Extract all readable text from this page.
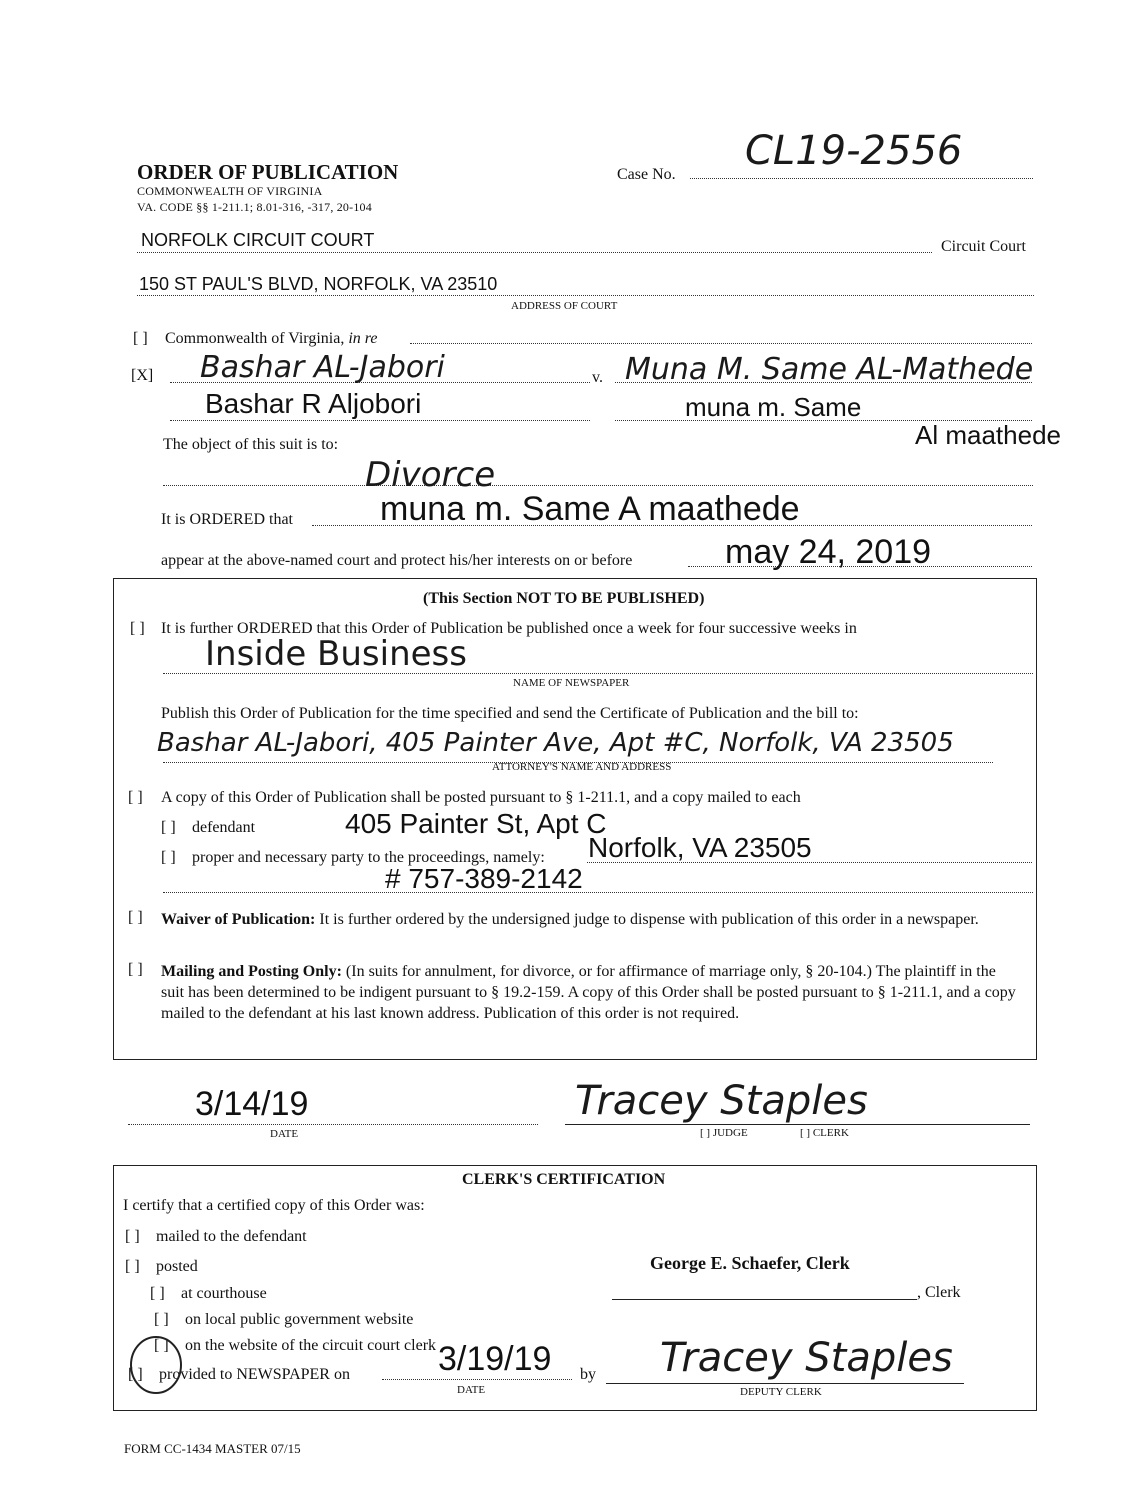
ORDER OF PUBLICATION
COMMONWEALTH OF VIRGINIA
VA. CODE §§ 1-211.1; 8.01-316, -317, 20-104
Case No.
CL19-2556
NORFOLK CIRCUIT COURT	Circuit Court
150 ST PAUL'S BLVD, NORFOLK, VA 23510
ADDRESS OF COURT
[ ] Commonwealth of Virginia, in re
[X] Bashar AL-Jabori	v. Muna M. Same AL-Mathede
Bashar R Aljobori	muna m. Same
Al maathede
The object of this suit is to:
Divorce
It is ORDERED that	muna m. Same A maathede
appear at the above-named court and protect his/her interests on or before	may 24, 2019
(This Section NOT TO BE PUBLISHED)
[ ] It is further ORDERED that this Order of Publication be published once a week for four successive weeks in
Inside Business
NAME OF NEWSPAPER
Publish this Order of Publication for the time specified and send the Certificate of Publication and the bill to:
Bashar AL-Jabori, 405 Painter Ave, Apt #C, Norfolk, VA 23505
ATTORNEY'S NAME AND ADDRESS
[ ] A copy of this Order of Publication shall be posted pursuant to § 1-211.1, and a copy mailed to each
[ ] defendant	405 Painter St, Apt C
[ ] proper and necessary party to the proceedings, namely: Norfolk, VA 23505
# 757-389-2142
[ ] Waiver of Publication: It is further ordered by the undersigned judge to dispense with publication of this order in a newspaper.
[ ] Mailing and Posting Only: (In suits for annulment, for divorce, or for affirmance of marriage only, § 20-104.) The plaintiff in the suit has been determined to be indigent pursuant to § 19.2-159. A copy of this Order shall be posted pursuant to § 1-211.1, and a copy mailed to the defendant at his last known address. Publication of this order is not required.
3/14/19
DATE
Tracey Staples
[ ] JUDGE	[ ] CLERK
CLERK'S CERTIFICATION
I certify that a certified copy of this Order was:
[ ] mailed to the defendant
[ ] posted
[ ] at courthouse
[ ] on local public government website
[ ] on the website of the circuit court clerk
[ ] provided to NEWSPAPER on	3/19/19
DATE
by
George E. Schaefer, Clerk
, Clerk
Tracey Staples
DEPUTY CLERK
FORM CC-1434 MASTER 07/15
